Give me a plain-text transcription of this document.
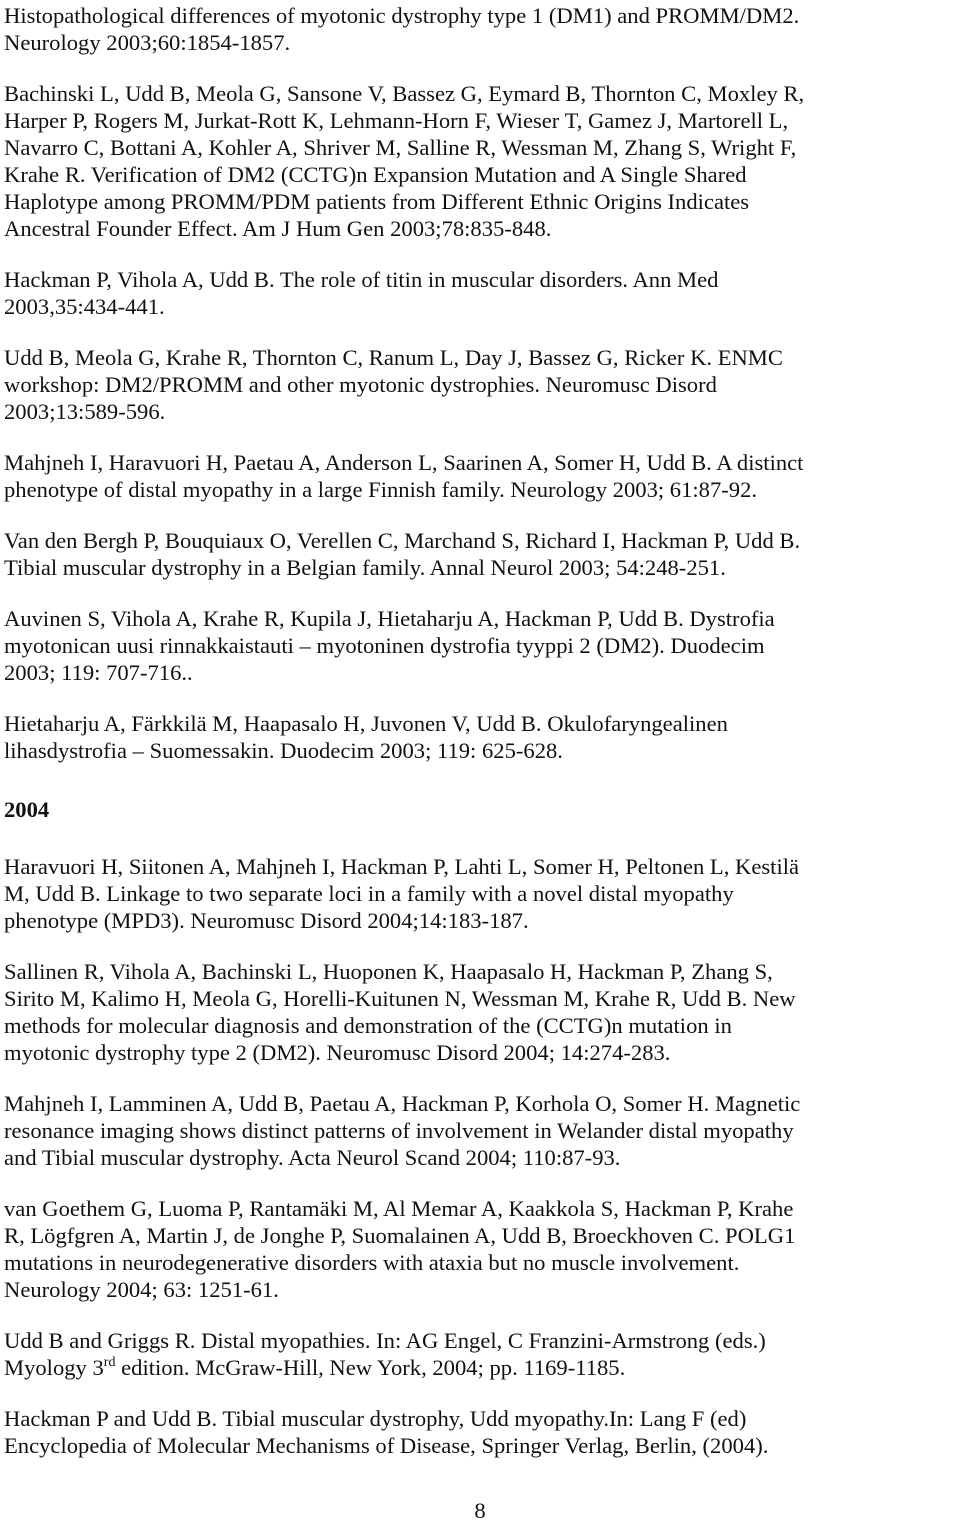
Histopathological differences of myotonic dystrophy type 1 (DM1) and PROMM/DM2.
Neurology 2003;60:1854-1857.

Bachinski L, Udd B, Meola G, Sansone V, Bassez G, Eymard B, Thornton C, Moxley R,
Harper P, Rogers M, Jurkat-Rott K, Lehmann-Horn F, Wieser T, Gamez J, Martorell L,
Navarro C, Bottani A, Kohler A, Shriver M, Salline R, Wessman M, Zhang S, Wright F,
Krahe R. Verification of DM2 (CCTG)n Expansion Mutation and A Single Shared
Haplotype among PROMM/PDM patients from Different Ethnic Origins Indicates
Ancestral Founder Effect. Am J Hum Gen 2003;78:835-848.

Hackman P, Vihola A, Udd B. The role of titin in muscular disorders. Ann Med
2003,35:434-441.

Udd B, Meola G, Krahe R, Thornton C, Ranum L, Day J, Bassez G, Ricker K. ENMC
workshop: DM2/PROMM and other myotonic dystrophies. Neuromusc Disord
2003;13:589-596.

Mahjneh I, Haravuori H, Paetau A, Anderson L, Saarinen A, Somer H, Udd B. A distinct
phenotype of distal myopathy in a large Finnish family. Neurology 2003; 61:87-92.

Van den Bergh P, Bouquiaux O, Verellen C, Marchand S, Richard I, Hackman P, Udd B.
Tibial muscular dystrophy in a Belgian family. Annal Neurol 2003; 54:248-251.

Auvinen S, Vihola A, Krahe R, Kupila J, Hietaharju A, Hackman P, Udd B. Dystrofia
myotonican uusi rinnakkaistauti – myotoninen dystrofia tyyppi 2 (DM2). Duodecim
2003; 119: 707-716..

Hietaharju A, Färkkilä M, Haapasalo H, Juvonen V, Udd B. Okulofaryngealinen
lihasdystrofia – Suomessakin. Duodecim 2003; 119: 625-628.

2004

Haravuori H, Siitonen A, Mahjneh I, Hackman P, Lahti L, Somer H, Peltonen L, Kestilä
M, Udd B. Linkage to two separate loci in a family with a novel distal myopathy
phenotype (MPD3). Neuromusc Disord 2004;14:183-187.

Sallinen R, Vihola A, Bachinski L, Huoponen K, Haapasalo H, Hackman P, Zhang S,
Sirito M, Kalimo H, Meola G, Horelli-Kuitunen N, Wessman M, Krahe R, Udd B. New
methods for molecular diagnosis and demonstration of the (CCTG)n mutation in
myotonic dystrophy type 2 (DM2). Neuromusc Disord 2004; 14:274-283.

Mahjneh I, Lamminen A, Udd B, Paetau A, Hackman P, Korhola O, Somer H. Magnetic
resonance imaging shows distinct patterns of involvement in Welander distal myopathy
and Tibial muscular dystrophy. Acta Neurol Scand 2004; 110:87-93.

van Goethem G, Luoma P, Rantamäki M, Al Memar A, Kaakkola S, Hackman P, Krahe
R, Lögfgren A, Martin J, de Jonghe P, Suomalainen A, Udd B, Broeckhoven C. POLG1
mutations in neurodegenerative disorders with ataxia but no muscle involvement.
Neurology 2004; 63: 1251-61.

Udd B and Griggs R. Distal myopathies. In: AG Engel, C Franzini-Armstrong (eds.)
Myology 3rd edition. McGraw-Hill, New York, 2004; pp. 1169-1185.

Hackman P and Udd B. Tibial muscular dystrophy, Udd myopathy.In: Lang F (ed)
Encyclopedia of Molecular Mechanisms of Disease, Springer Verlag, Berlin, (2004).

8
